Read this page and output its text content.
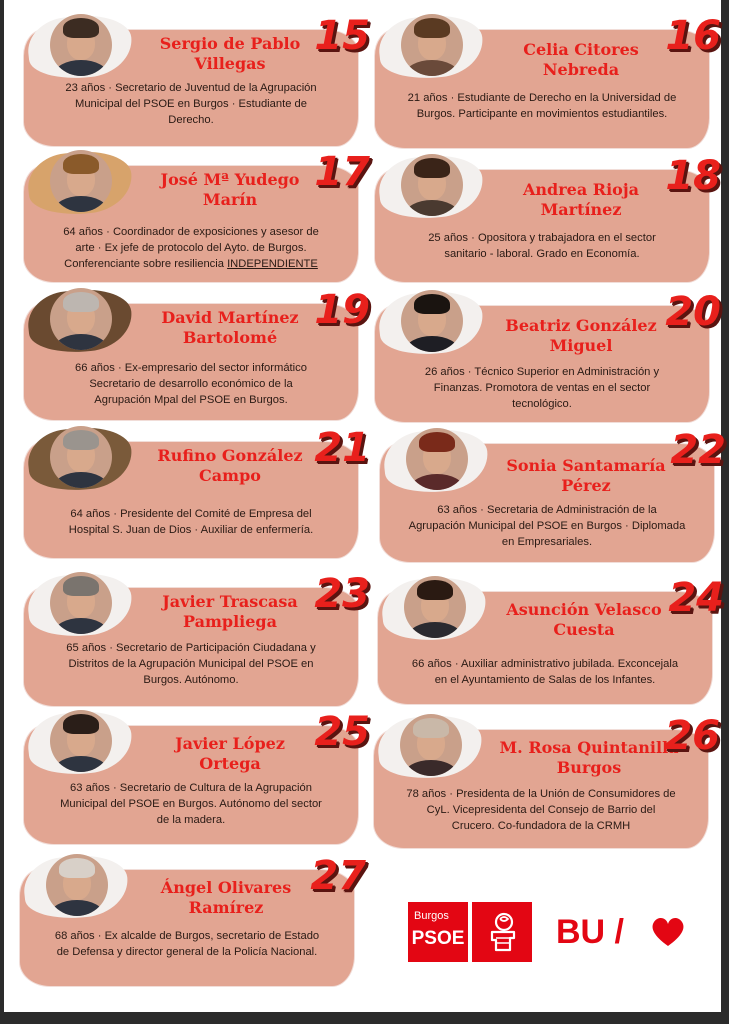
Sergio de Pablo
Villegas
15
23 años · Secretario de Juventud de la Agrupación
Municipal del PSOE en Burgos · Estudiante de
Derecho.
Celia Citores
Nebreda
16
21 años · Estudiante de Derecho en la Universidad de
Burgos. Participante en movimientos estudiantiles.
José Mª Yudego
Marín
17
64 años · Coordinador de exposiciones y asesor de
arte · Ex jefe de protocolo del Ayto. de Burgos.
Conferenciante sobre resiliencia INDEPENDIENTE
Andrea Rioja
Martínez
18
25 años · Opositora y trabajadora en el sector
sanitario - laboral. Grado en Economía.
David Martínez
Bartolomé
19
66 años · Ex-empresario del sector informático
Secretario de desarrollo económico de la
Agrupación Mpal del PSOE en Burgos.
Beatriz González
Miguel
20
26 años · Técnico Superior en Administración y
Finanzas. Promotora de ventas en el sector
tecnológico.
Rufino González
Campo
21
64 años · Presidente del Comité de Empresa del
Hospital S. Juan de Dios · Auxiliar de enfermería.
Sonia Santamaría
Pérez
22
63 años · Secretaria de Administración de la
Agrupación Municipal del PSOE en Burgos · Diplomada
en Empresariales.
Javier Trascasa
Pampliega
23
65 años · Secretario de Participación Ciudadana y
Distritos de la Agrupación Municipal del PSOE en
Burgos. Autónomo.
Asunción Velasco
Cuesta
24
66 años · Auxiliar administrativo jubilada. Exconcejala
en el Ayuntamiento de Salas de los Infantes.
Javier López
Ortega
25
63 años · Secretario de Cultura de la Agrupación
Municipal del PSOE en Burgos. Autónomo del sector
de la madera.
M. Rosa Quintanilla
Burgos
26
78 años · Presidenta de la Unión de Consumidores de
CyL. Vicepresidenta del Consejo de Barrio del
Crucero. Co-fundadora de la CRMH
Ángel Olivares
Ramírez
27
68 años · Ex alcalde de Burgos, secretario de Estado
de Defensa y director general de la Policía Nacional.
Burgos
PSOE	BU /
